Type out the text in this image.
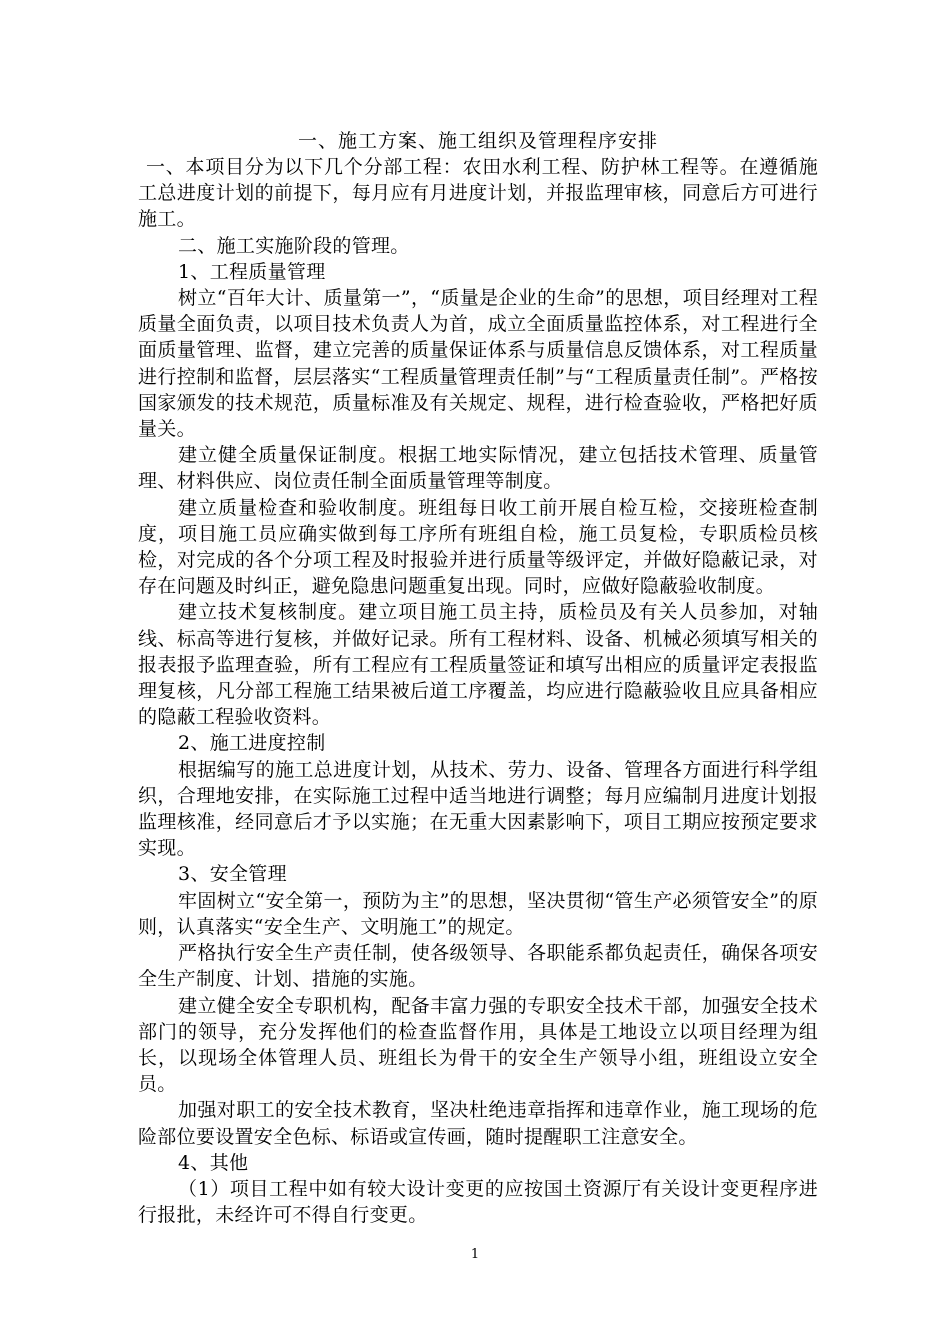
一、施工方案、施工组织及管理程序安排

一、本项目分为以下几个分部工程：农田水利工程、防护林工程等。在遵循施工总进度计划的前提下，每月应有月进度计划，并报监理审核，同意后方可进行施工。

二、施工实施阶段的管理。

1、工程质量管理

树立“百年大计、质量第一”，“质量是企业的生命”的思想，项目经理对工程质量全面负责，以项目技术负责人为首，成立全面质量监控体系，对工程进行全面质量管理、监督，建立完善的质量保证体系与质量信息反馈体系，对工程质量进行控制和监督，层层落实“工程质量管理责任制”与“工程质量责任制”。严格按国家颁发的技术规范，质量标准及有关规定、规程，进行检查验收，严格把好质量关。

建立健全质量保证制度。根据工地实际情况，建立包括技术管理、质量管理、材料供应、岗位责任制全面质量管理等制度。

建立质量检查和验收制度。班组每日收工前开展自检互检，交接班检查制度，项目施工员应确实做到每工序所有班组自检，施工员复检，专职质检员核检，对完成的各个分项工程及时报验并进行质量等级评定，并做好隐蔽记录，对存在问题及时纠正，避免隐患问题重复出现。同时，应做好隐蔽验收制度。

建立技术复核制度。建立项目施工员主持，质检员及有关人员参加，对轴线、标高等进行复核，并做好记录。所有工程材料、设备、机械必须填写相关的报表报予监理查验，所有工程应有工程质量签证和填写出相应的质量评定表报监理复核，凡分部工程施工结果被后道工序覆盖，均应进行隐蔽验收且应具备相应的隐蔽工程验收资料。

2、施工进度控制

根据编写的施工总进度计划，从技术、劳力、设备、管理各方面进行科学组织，合理地安排，在实际施工过程中适当地进行调整；每月应编制月进度计划报监理核准，经同意后才予以实施；在无重大因素影响下，项目工期应按预定要求实现。

3、安全管理

牢固树立“安全第一，预防为主”的思想，坚决贯彻“管生产必须管安全”的原则，认真落实“安全生产、文明施工”的规定。

严格执行安全生产责任制，使各级领导、各职能系都负起责任，确保各项安全生产制度、计划、措施的实施。

建立健全安全专职机构，配备丰富力强的专职安全技术干部，加强安全技术部门的领导，充分发挥他们的检查监督作用，具体是工地设立以项目经理为组长，以现场全体管理人员、班组长为骨干的安全生产领导小组，班组设立安全员。

加强对职工的安全技术教育，坚决杜绝违章指挥和违章作业，施工现场的危险部位要设置安全色标、标语或宣传画，随时提醒职工注意安全。

4、其他

（1）项目工程中如有较大设计变更的应按国土资源厅有关设计变更程序进行报批，未经许可不得自行变更。

1
